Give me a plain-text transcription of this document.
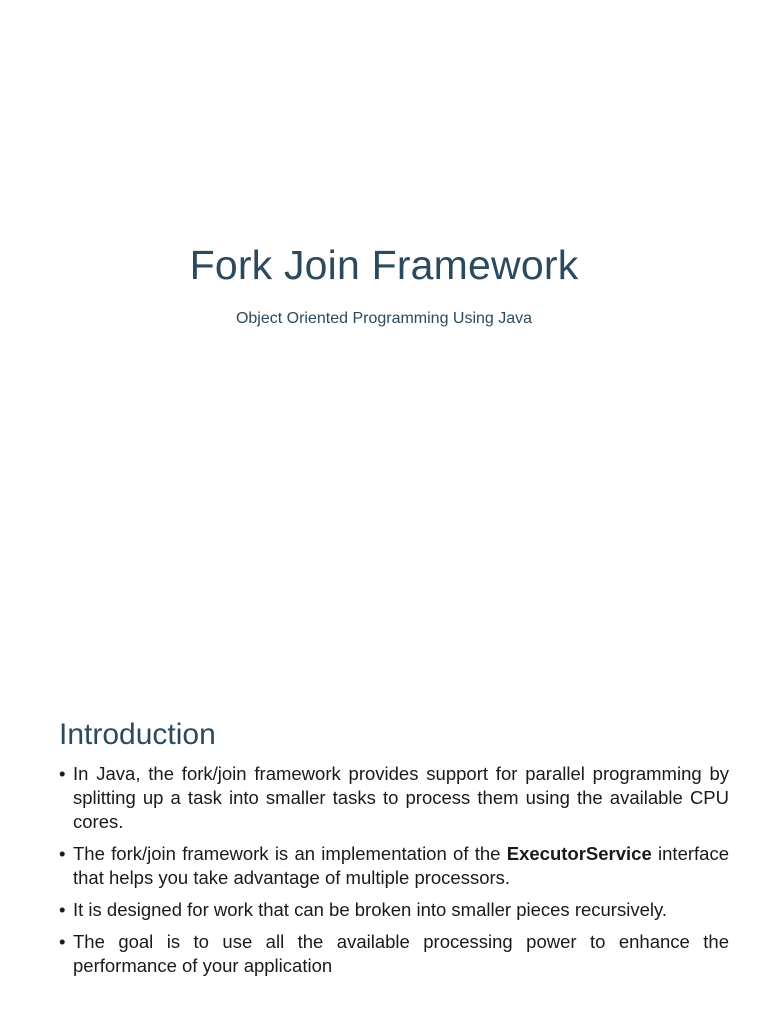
Fork Join Framework
Object Oriented Programming Using Java
Introduction
• In Java, the fork/join framework provides support for parallel programming by splitting up a task into smaller tasks to process them using the available CPU cores.
• The fork/join framework is an implementation of the ExecutorService interface that helps you take advantage of multiple processors.
• It is designed for work that can be broken into smaller pieces recursively.
• The goal is to use all the available processing power to enhance the performance of your application
